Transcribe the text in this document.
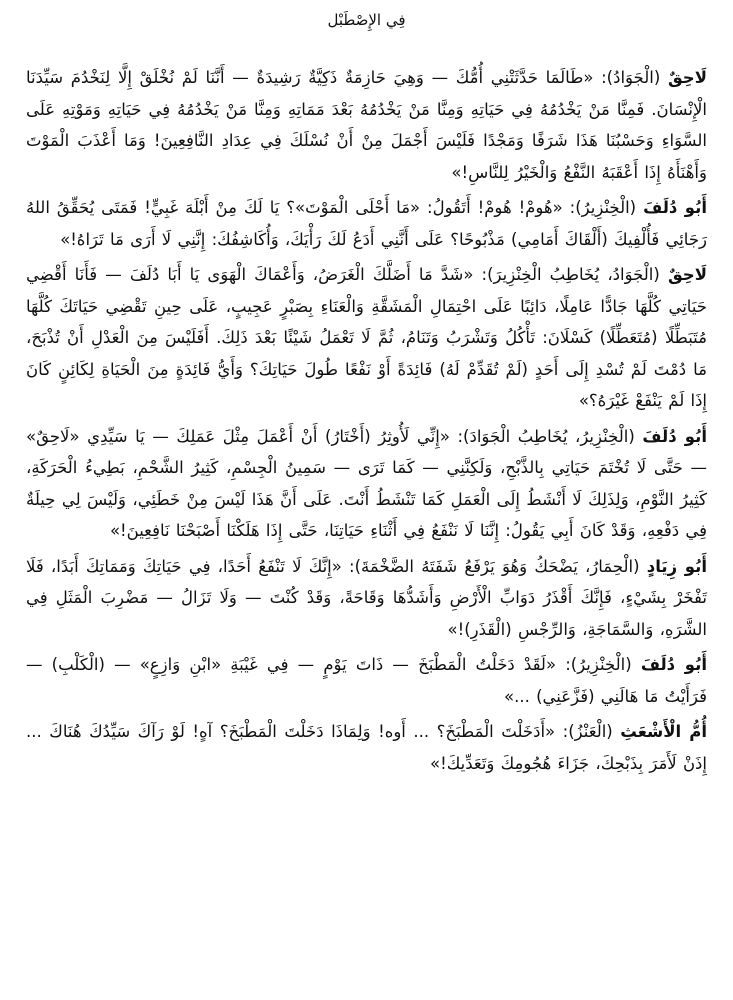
فِي الإِصْطَبْل

لَاحِقٌ (الْجَوَادُ): «طَالَمَا حَدَّثَتْنِي أُمُّكَ — وَهِيَ حَازِمَةٌ ذَكِيَّةٌ رَشِيدَةٌ — أَنَّنَا لَمْ نُخْلَقْ إِلَّا لِنَخْدُمَ سَيِّدَنَا الْإِنْسَانَ. فَمِنَّا مَنْ يَخْدُمُهُ فِي حَيَاتِهِ وَمِنَّا مَنْ يَخْدُمُهُ بَعْدَ مَمَاتِهِ وَمِنَّا مَنْ يَخْدُمُهُ فِي حَيَاتِهِ وَمَوْتِهِ عَلَى السَّوَاءِ وَحَسْبُنَا هَذَا شَرَفًا وَمَجْدًا فَلَيْسَ أَجْمَلَ مِنْ أَنْ نُسْلَكَ فِي عِدَادِ النَّافِعِينَ! وَمَا أَعْذَبَ الْمَوْتَ وَأَهْنَأَهُ إِذَا أَعْقَبَهُ النَّفْعُ وَالْخَيْرُ لِلنَّاسِ!»

أَبُو دُلَفَ (الْخِنْزِيرُ): «هُومْ! هُومْ! أَتَقُولُ: «مَا أَحْلَى الْمَوْتَ»؟ يَا لَكَ مِنْ أَبْلَهَ غَبِيٍّ! فَمَتَى يُحَقِّقُ اللهُ رَجَائِي فَأُلْفِيكَ (أَلْقَاكَ أَمَامِي) مَذْبُوحًا؟ عَلَى أَنَّنِي أَدَعُ لَكَ رَأْيَكَ، وَأُكَاشِفُكَ: إِنَّنِي لَا أَرَى مَا تَرَاهُ!»

لَاحِقٌ (الْجَوَادُ، يُخَاطِبُ الْخِنْزِيرَ): «شَدَّ مَا أَضَلَّكَ الْغَرَضُ، وَأَعْمَاكَ الْهَوَى يَا أَبَا دُلَفَ — فَأَنَا أَقْضِي حَيَاتِي كُلَّهَا جَادًّا عَامِلًا، دَائِبًا عَلَى احْتِمَالِ الْمَشَقَّةِ وَالْعَنَاءِ بِصَبْرٍ عَجِيبٍ، عَلَى حِينِ تَقْضِي حَيَاتَكَ كُلَّهَا مُتَبَطِّلًا (مُتَعَطِّلًا) كَسْلَانَ: تَأْكُلُ وَتَشْرَبُ وَتَنَامُ، ثُمَّ لَا تَعْمَلُ شَيْئًا بَعْدَ ذَلِكَ. أَفَلَيْسَ مِنَ الْعَدْلِ أَنْ تُذْبَحَ، مَا دُمْتَ لَمْ تُسْدِ إِلَى أَحَدٍ (لَمْ تُقَدِّمْ لَهُ) فَائِدَةً أَوْ نَفْعًا طُولَ حَيَاتِكَ؟ وَأَيُّ فَائِدَةٍ مِنَ الْحَيَاةِ لِكَائِنٍ كَانَ إِذَا لَمْ يَنْفَعْ غَيْرَهُ؟»

أَبُو دُلَفَ (الْخِنْزِيرُ، يُخَاطِبُ الْجَوَادَ): «إِنِّي لَأُوثِرُ (أَخْتَارُ) أَنْ أَعْمَلَ مِثْلَ عَمَلِكَ — يَا سَيِّدِي «لَاحِقٌ» — حَتَّى لَا تُخْتَمَ حَيَاتِي بِالذَّبْحِ، وَلَكِنَّنِي — كَمَا تَرَى — سَمِينُ الْجِسْمِ، كَثِيرُ الشَّحْمِ، بَطِيءُ الْحَرَكَةِ، كَثِيرُ النَّوْمِ، وَلِذَلِكَ لَا أَنْشَطُ إِلَى الْعَمَلِ كَمَا تَنْشَطُ أَنْتَ. عَلَى أَنَّ هَذَا لَيْسَ مِنْ خَطَئِي، وَلَيْسَ لِي حِيلَةٌ فِي دَفْعِهِ، وَقَدْ كَانَ أَبِي يَقُولُ: إِنَّنَا لَا نَنْفَعُ فِي أَثْنَاءِ حَيَاتِنَا، حَتَّى إِذَا هَلَكْنَا أَصْبَحْنَا نَافِعِينَ!»

أَبُو زِيَادٍ (الْحِمَارُ، يَضْحَكُ وَهُوَ يَرْفَعُ شَفَتَهُ الضَّخْمَةَ): «إِنَّكَ لَا تَنْفَعُ أَحَدًا، فِي حَيَاتِكَ وَمَمَاتِكَ أَبَدًا، فَلَا تَفْخَرْ بِشَيْءٍ، فَإِنَّكَ أَقْذَرُ دَوَابِّ الْأَرْضِ وَأَشَدُّهَا وَقَاحَةً، وَقَدْ كُنْتَ — وَلَا تَزَالُ — مَضْرِبَ الْمَثَلِ فِي الشَّرَهِ، وَالسَّمَاجَةِ، وَالرِّجْسِ (الْقَذَرِ)!»

أَبُو دُلَفَ (الْخِنْزِيرُ): «لَقَدْ دَخَلْتُ الْمَطْبَخَ — ذَاتَ يَوْمٍ — فِي غَيْبَةِ «ابْنِ وَازِعٍ» — (الْكَلْبِ) — فَرَأَيْتُ مَا هَالَنِي (فَزَّعَنِي) ...»

أُمُّ الْأَشْعَثِ (الْعَنْزُ): «أَدَخَلْتَ الْمَطْبَخَ؟ ... أَوه! وَلِمَاذَا دَخَلْتَ الْمَطْبَخَ؟ آهٍ! لَوْ رَآكَ سَيِّدُكَ هُنَاكَ ... إِذَنْ لَأَمَرَ بِذَبْحِكَ، جَزَاءَ هُجُومِكَ وَتَعَدِّيكَ!»
